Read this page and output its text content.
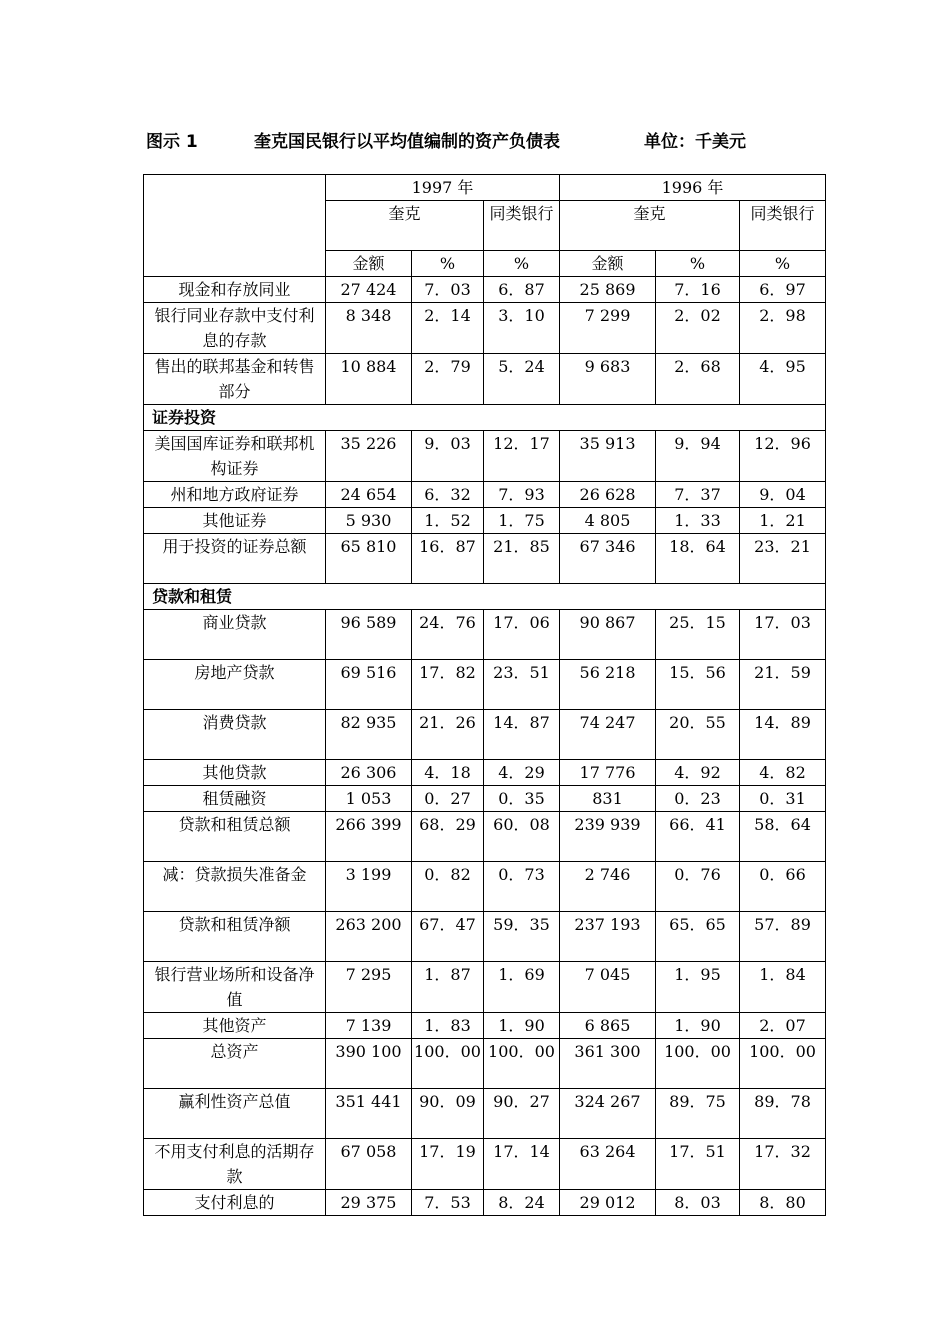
图示 1	奎克国民银行以平均值编制的资产负债表	单位：千美元
	1997 年			1996 年		
	奎克		同类银行	奎克		同类银行
	金额	%	%	金额	%	%
现金和存放同业	27 424	7．03	6．87	25 869	7．16	6．97
银行同业存款中支付利息的存款	8 348	2．14	3．10	7 299	2．02	2．98
售出的联邦基金和转售部分	10 884	2．79	5．24	9 683	2．68	4．95
证券投资						
美国国库证券和联邦机构证券	35 226	9．03	12．17	35 913	9．94	12．96
州和地方政府证券	24 654	6．32	7．93	26 628	7．37	9．04
其他证券	5 930	1．52	1．75	4 805	1．33	1．21
用于投资的证券总额	65 810	16．87	21．85	67 346	18．64	23．21
贷款和租赁						
商业贷款	96 589	24．76	17．06	90 867	25．15	17．03
房地产贷款	69 516	17．82	23．51	56 218	15．56	21．59
消费贷款	82 935	21．26	14．87	74 247	20．55	14．89
其他贷款	26 306	4．18	4．29	17 776	4．92	4．82
租赁融资	1 053	0．27	0．35	831	0．23	0．31
贷款和租赁总额	266 399	68．29	60．08	239 939	66．41	58．64
减：贷款损失准备金	3 199	0．82	0．73	2 746	0．76	0．66
贷款和租赁净额	263 200	67．47	59．35	237 193	65．65	57．89
银行营业场所和设备净值	7 295	1．87	1．69	7 045	1．95	1．84
其他资产	7 139	1．83	1．90	6 865	1．90	2．07
总资产	390 100	100．00	100．00	361 300	100．00	100．00
赢利性资产总值	351 441	90．09	90．27	324 267	89．75	89．78
不用支付利息的活期存款	67 058	17．19	17．14	63 264	17．51	17．32
支付利息的	29 375	7．53	8．24	29 012	8．03	8．80
